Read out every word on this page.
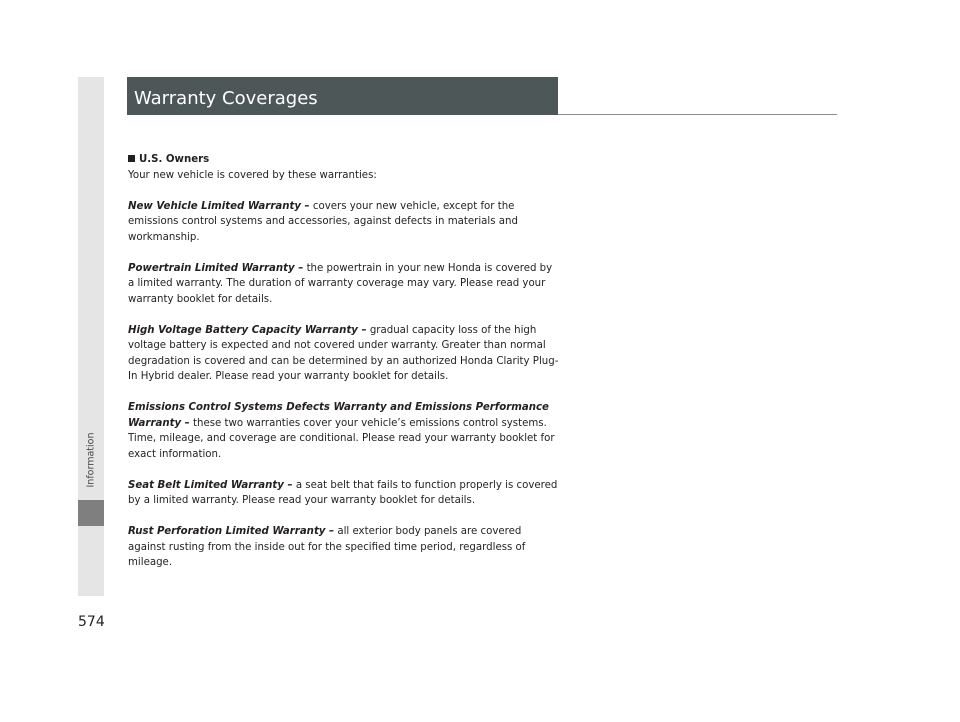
Information
574
Warranty Coverages

U.S. Owners

Your new vehicle is covered by these warranties:

New Vehicle Limited Warranty – covers your new vehicle, except for the emissions control systems and accessories, against defects in materials and workmanship.

Powertrain Limited Warranty – the powertrain in your new Honda is covered by a limited warranty. The duration of warranty coverage may vary. Please read your warranty booklet for details.

High Voltage Battery Capacity Warranty – gradual capacity loss of the high voltage battery is expected and not covered under warranty. Greater than normal degradation is covered and can be determined by an authorized Honda Clarity Plug-In Hybrid dealer. Please read your warranty booklet for details.

Emissions Control Systems Defects Warranty and Emissions Performance Warranty – these two warranties cover your vehicle’s emissions control systems. Time, mileage, and coverage are conditional. Please read your warranty booklet for exact information.

Seat Belt Limited Warranty – a seat belt that fails to function properly is covered by a limited warranty. Please read your warranty booklet for details.

Rust Perforation Limited Warranty – all exterior body panels are covered against rusting from the inside out for the specified time period, regardless of mileage.
